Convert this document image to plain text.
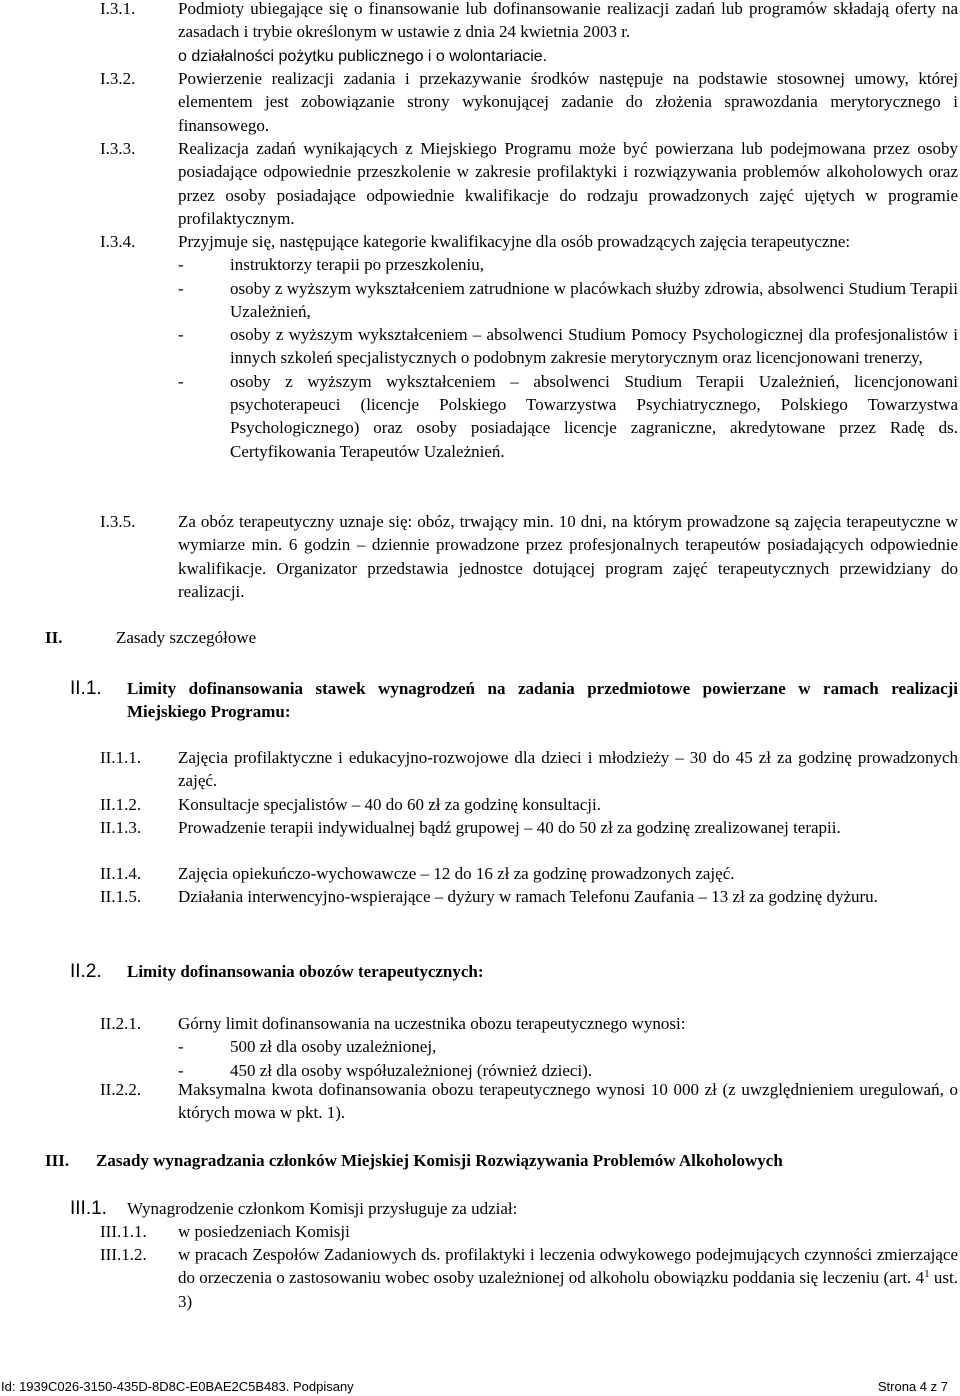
I.3.1.	Podmioty ubiegające się o finansowanie lub dofinansowanie realizacji zadań lub programów składają oferty na zasadach i trybie określonym w ustawie z dnia 24 kwietnia 2003 r.
o działalności pożytku publicznego i o wolontariacie.
I.3.2.	Powierzenie realizacji zadania i przekazywanie środków następuje na podstawie stosownej umowy, której elementem jest zobowiązanie strony wykonującej zadanie do złożenia sprawozdania merytorycznego i finansowego.
I.3.3.	Realizacja zadań wynikających z Miejskiego Programu może być powierzana lub podejmowana przez osoby posiadające odpowiednie przeszkolenie w zakresie profilaktyki i rozwiązywania problemów alkoholowych oraz przez osoby posiadające odpowiednie kwalifikacje do rodzaju prowadzonych zajęć ujętych w programie profilaktycznym.
I.3.4.	Przyjmuje się, następujące kategorie kwalifikacyjne dla osób prowadzących zajęcia terapeutyczne:
-	instruktorzy terapii po przeszkoleniu,
-	osoby z wyższym wykształceniem zatrudnione w placówkach służby zdrowia, absolwenci Studium Terapii Uzależnień,
-	osoby z wyższym wykształceniem – absolwenci Studium Pomocy Psychologicznej dla profesjonalistów i innych szkoleń specjalistycznych o podobnym zakresie merytorycznym oraz licencjonowani trenerzy,
-	osoby z wyższym wykształceniem – absolwenci Studium Terapii Uzależnień, licencjonowani psychoterapeuci (licencje Polskiego Towarzystwa Psychiatrycznego, Polskiego Towarzystwa Psychologicznego) oraz osoby posiadające licencje zagraniczne, akredytowane przez Radę ds. Certyfikowania Terapeutów Uzależnień.
I.3.5.	Za obóz terapeutyczny uznaje się: obóz, trwający min. 10 dni, na którym prowadzone są zajęcia terapeutyczne w wymiarze min. 6 godzin – dziennie prowadzone przez profesjonalnych terapeutów posiadających odpowiednie kwalifikacje. Organizator przedstawia jednostce dotującej program zajęć terapeutycznych przewidziany do realizacji.
II.	Zasady szczegółowe
II.1. Limity dofinansowania stawek wynagrodzeń na zadania przedmiotowe powierzane w ramach realizacji Miejskiego Programu:
II.1.1. Zajęcia profilaktyczne i edukacyjno-rozwojowe dla dzieci i młodzieży – 30 do 45 zł za godzinę prowadzonych zajęć.
II.1.2. Konsultacje specjalistów – 40 do 60 zł za godzinę konsultacji.
II.1.3. Prowadzenie terapii indywidualnej bądź grupowej – 40 do 50 zł za godzinę zrealizowanej terapii.
II.1.4. Zajęcia opiekuńczo-wychowawcze – 12 do 16 zł za godzinę prowadzonych zajęć.
II.1.5. Działania interwencyjno-wspierające – dyżury w ramach Telefonu Zaufania – 13 zł za godzinę dyżuru.
II.2. Limity dofinansowania obozów terapeutycznych:
II.2.1. Górny limit dofinansowania na uczestnika obozu terapeutycznego wynosi:
-	500 zł dla osoby uzależnionej,
-	450 zł dla osoby współuzależnionej (również dzieci).
II.2.2. Maksymalna kwota dofinansowania obozu terapeutycznego wynosi 10 000 zł (z uwzględnieniem uregulowań, o których mowa w pkt. 1).
III. Zasady wynagradzania członków Miejskiej Komisji Rozwiązywania Problemów Alkoholowych
III.1. Wynagrodzenie członkom Komisji przysługuje za udział:
III.1.1. w posiedzeniach Komisji
III.1.2. w pracach Zespołów Zadaniowych ds. profilaktyki i leczenia odwykowego podejmujących czynności zmierzające do orzeczenia o zastosowaniu wobec osoby uzależnionej od alkoholu obowiązku poddania się leczeniu (art. $4^1$ ust. 3)
Id: 1939C026-3150-435D-8D8C-E0BAE2C5B483. Podpisany	Strona 4 z 7
